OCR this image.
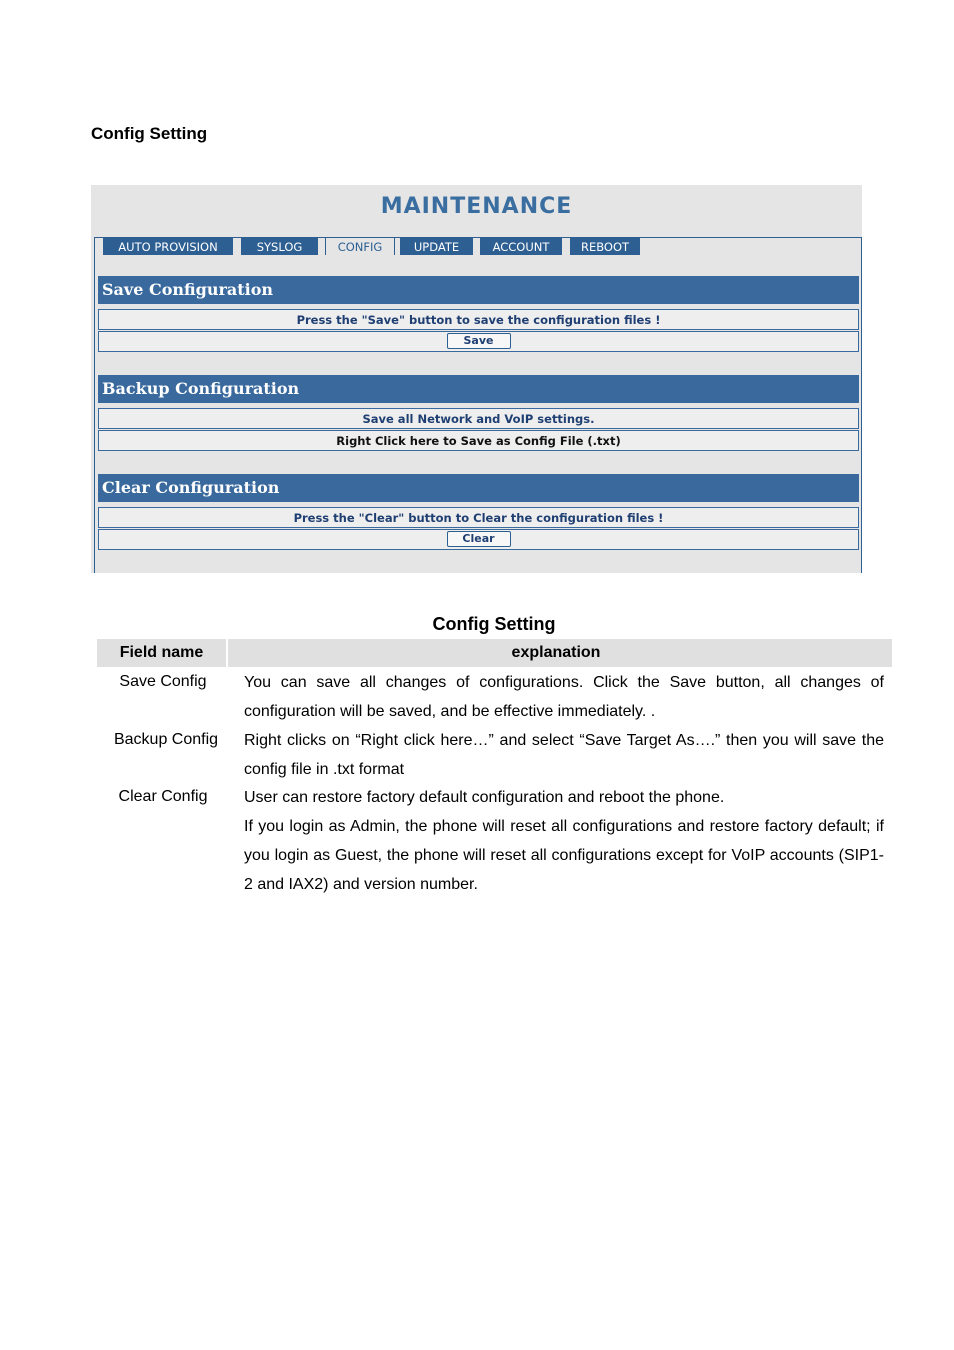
Config Setting
MAINTENANCE
AUTO PROVISION	SYSLOG	CONFIG	UPDATE	ACCOUNT	REBOOT
Save Configuration
Press the "Save" button to save the configuration files !
Save
Backup Configuration
Save all Network and VoIP settings.
Right Click here to Save as Config File (.txt)
Clear Configuration
Press the "Clear" button to Clear the configuration files !
Clear
Config Setting
Field name	explanation
Save Config	You can save all changes of configurations. Click the Save button, all changes of configuration will be saved, and be effective immediately. .
Backup Config	Right clicks on “Right click here…” and select “Save Target As….” then you will save the config file in .txt format
Clear Config	User can restore factory default configuration and reboot the phone.
If you login as Admin, the phone will reset all configurations and restore factory default; if you login as Guest, the phone will reset all configurations except for VoIP accounts (SIP1-2 and IAX2) and version number.
